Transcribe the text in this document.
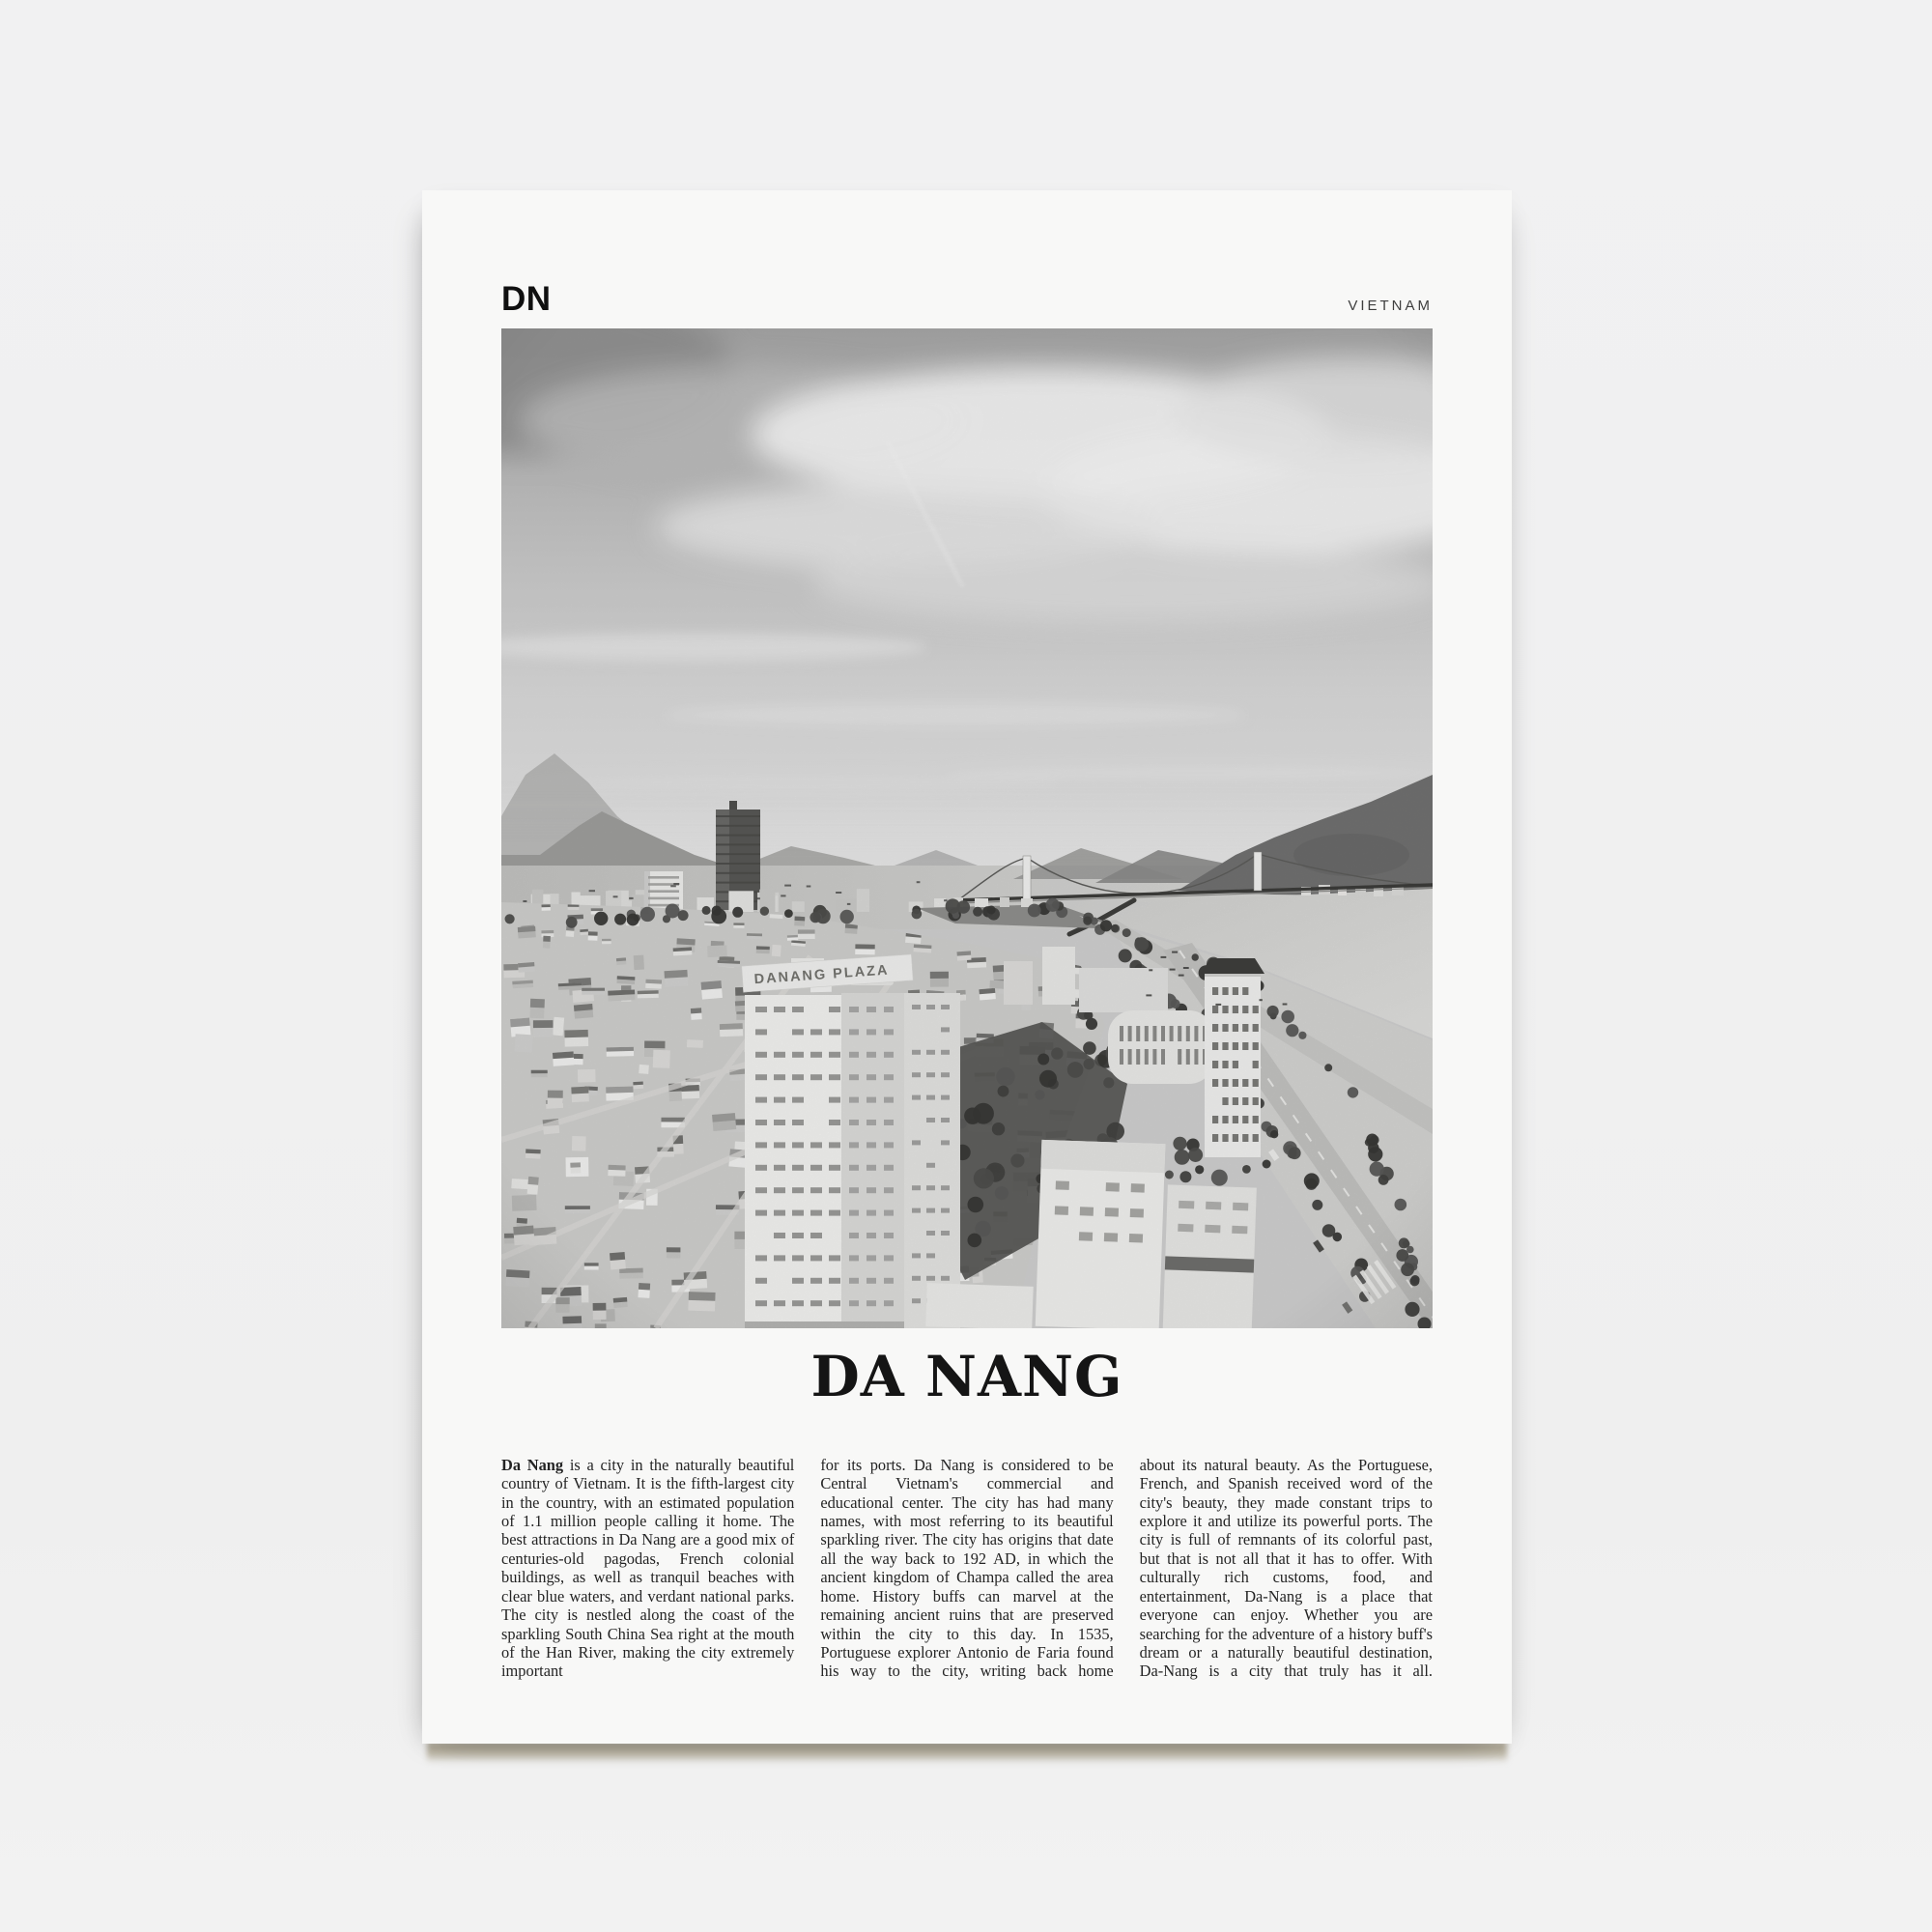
DN	VIETNAM
DA NANG

Da Nang is a city in the naturally beautiful country of Vietnam. It is the fifth-largest city in the country, with an estimated population of 1.1 million people calling it home. The best attractions in Da Nang are a good mix of centuries-old pagodas, French colonial buildings, as well as tranquil beaches with clear blue waters, and verdant national parks. The city is nestled along the coast of the sparkling South China Sea right at the mouth of the Han River, making the city extremely important

for its ports. Da Nang is considered to be Central Vietnam's commercial and educational center. The city has had many names, with most referring to its beautiful sparkling river. The city has origins that date all the way back to 192 AD, in which the ancient kingdom of Champa called the area home. History buffs can marvel at the remaining ancient ruins that are preserved within the city to this day. In 1535, Portuguese explorer Antonio de Faria found his way to the city, writing back home

about its natural beauty. As the Portuguese, French, and Spanish received word of the city's beauty, they made constant trips to explore it and utilize its powerful ports. The city is full of remnants of its colorful past, but that is not all that it has to offer. With culturally rich customs, food, and entertainment, Da-Nang is a place that everyone can enjoy. Whether you are searching for the adventure of a history buff's dream or a naturally beautiful destination, Da-Nang is a city that truly has it all.
